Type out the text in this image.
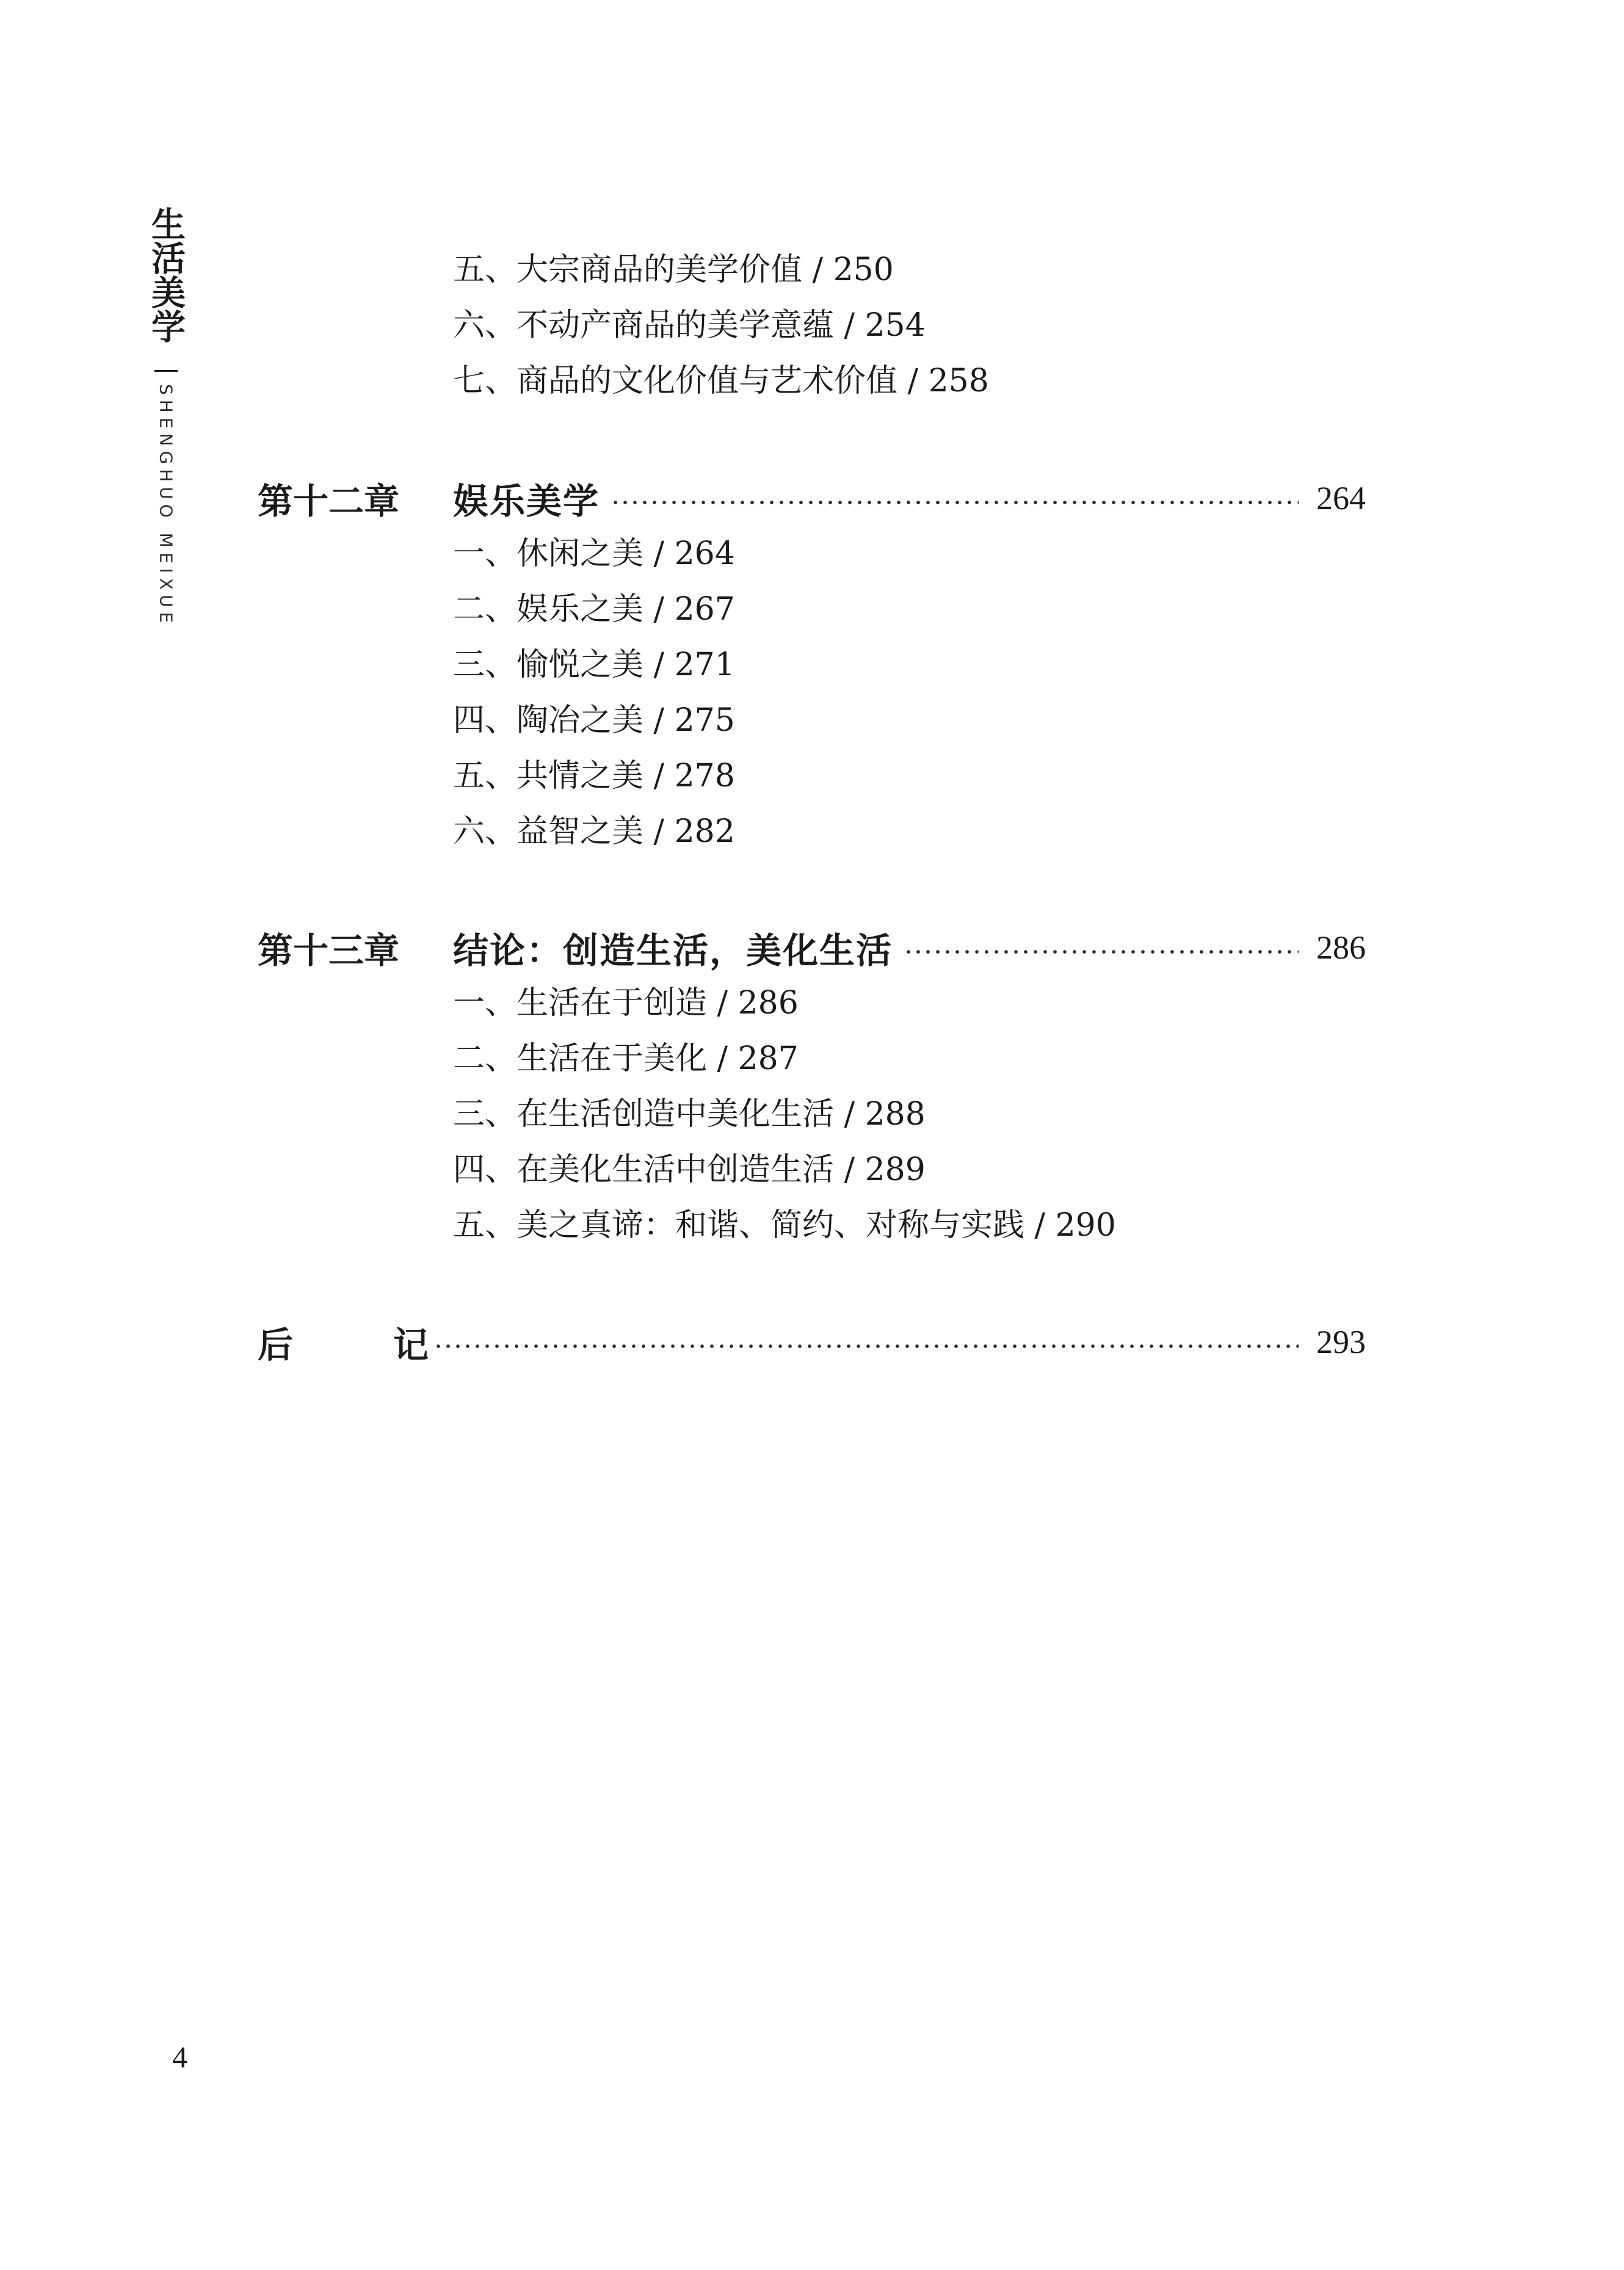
生活美学
SHENGHUO MEIXUE
五、大宗商品的美学价值 / 250
六、不动产商品的美学意蕴 / 254
七、商品的文化价值与艺术价值 / 258
第十二章	娱乐美学	264
一、休闲之美 / 264
二、娱乐之美 / 267
三、愉悦之美 / 271
四、陶冶之美 / 275
五、共情之美 / 278
六、益智之美 / 282
第十三章	结论：创造生活，美化生活	286
一、生活在于创造 / 286
二、生活在于美化 / 287
三、在生活创造中美化生活 / 288
四、在美化生活中创造生活 / 289
五、美之真谛：和谐、简约、对称与实践 / 290
后	记	293
4
